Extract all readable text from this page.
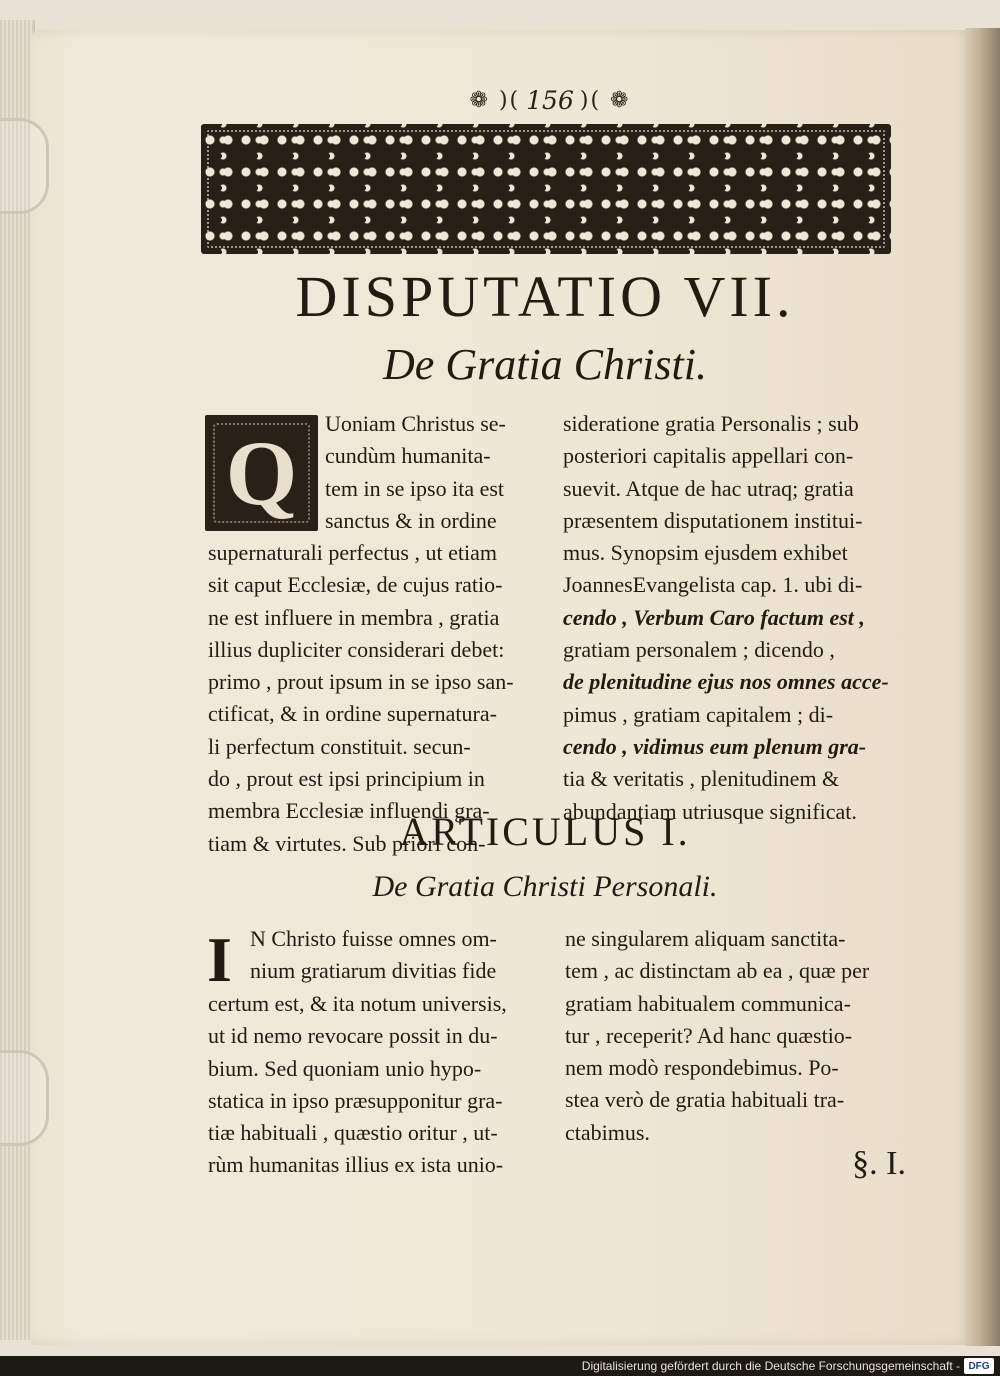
❁ )( 156 )( ❁
DISPUTATIO VII.
De Gratia Christi.
Q Uoniam Christus se-
cundùm humanita-
tem in se ipso ita est
sanctus & in ordine
supernaturali perfectus , ut etiam
sit caput Ecclesiæ, de cujus ratio-
ne est influere in membra , gratia
illius dupliciter considerari debet:
primo , prout ipsum in se ipso san-
ctificat, & in ordine supernatura-
li perfectum constituit. secun-
do , prout est ipsi principium in
membra Ecclesiæ influendi gra-
tiam & virtutes. Sub priori con-
sideratione gratia Personalis ; sub
posteriori capitalis appellari con-
suevit. Atque de hac utraq; gratia
præsentem disputationem institui-
mus. Synopsim ejusdem exhibet
JoannesEvangelista cap. 1. ubi di-
cendo , Verbum Caro factum est ,
gratiam personalem ; dicendo ,
de plenitudine ejus nos omnes acce-
pimus , gratiam capitalem ; di-
cendo , vidimus eum plenum gra-
tia & veritatis , plenitudinem &
abundantiam utriusque significat.
ARTICULUS I.
De Gratia Christi Personali.
I N Christo fuisse omnes om-
nium gratiarum divitias fide
certum est, & ita notum universis,
ut id nemo revocare possit in du-
bium. Sed quoniam unio hypo-
statica in ipso præsupponitur gra-
tiæ habituali , quæstio oritur , ut-
rùm humanitas illius ex ista unio-
ne singularem aliquam sanctita-
tem , ac distinctam ab ea , quæ per
gratiam habitualem communica-
tur , receperit? Ad hanc quæstio-
nem modò respondebimus. Po-
stea verò de gratia habituali tra-
ctabimus.
§. I.
Digitalisierung gefördert durch die Deutsche Forschungsgemeinschaft - DFG
